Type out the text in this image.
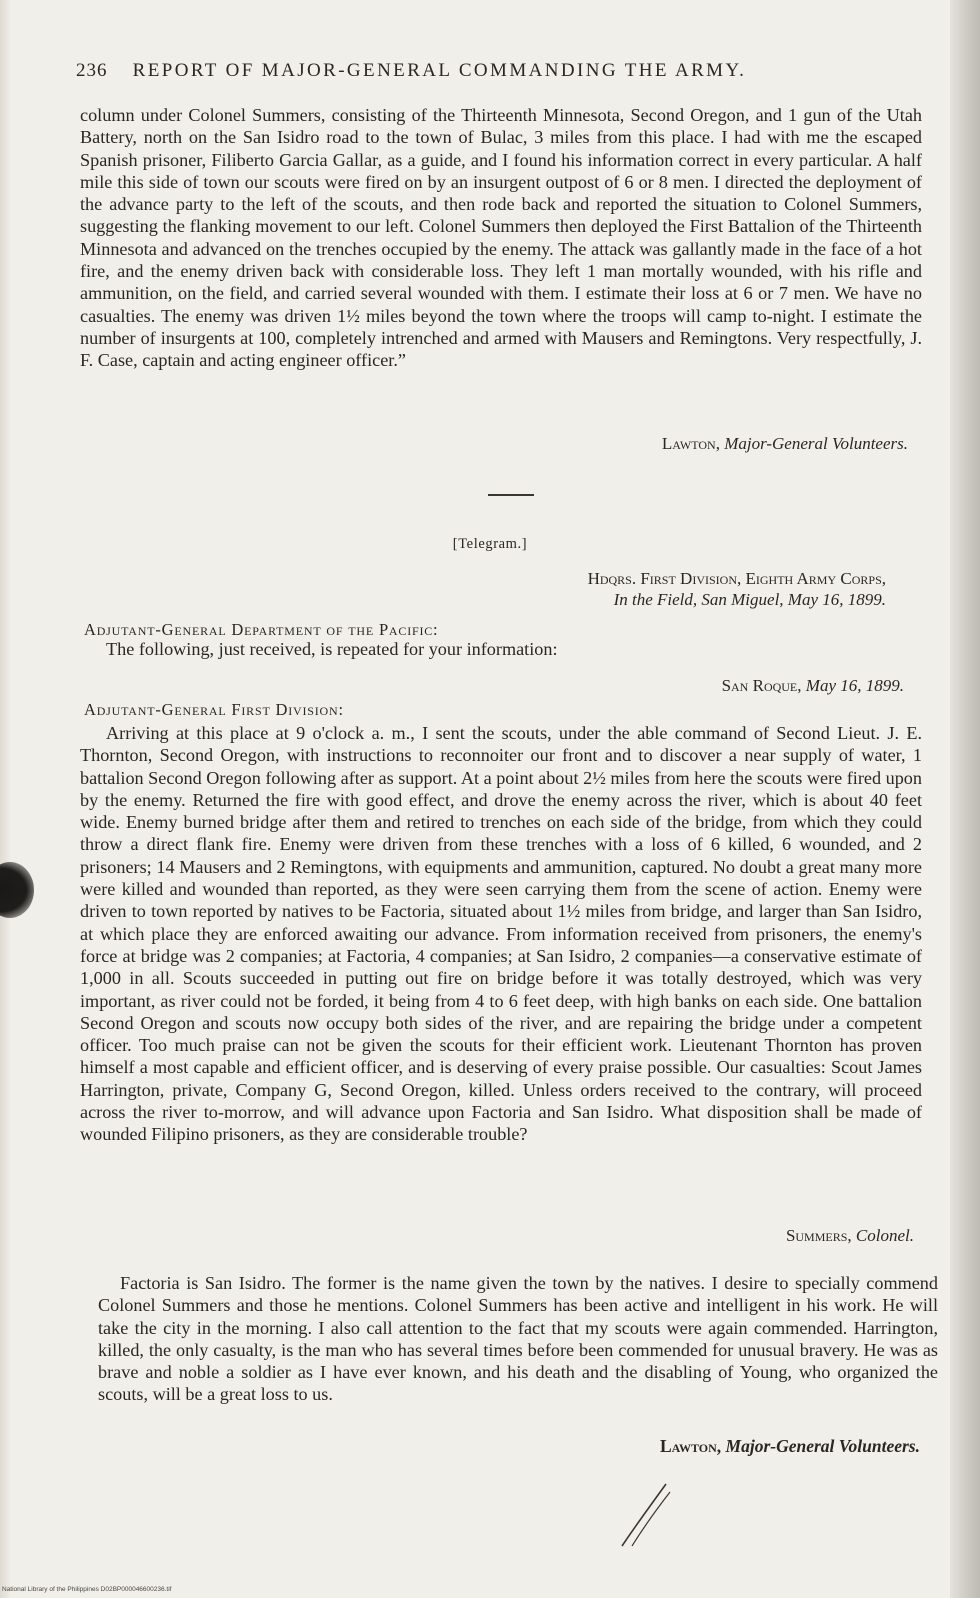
236 REPORT OF MAJOR-GENERAL COMMANDING THE ARMY.
column under Colonel Summers, consisting of the Thirteenth Minnesota, Second Oregon, and 1 gun of the Utah Battery, north on the San Isidro road to the town of Bulac, 3 miles from this place. I had with me the escaped Spanish prisoner, Filiberto Garcia Gallar, as a guide, and I found his information correct in every particular. A half mile this side of town our scouts were fired on by an insurgent outpost of 6 or 8 men. I directed the deployment of the advance party to the left of the scouts, and then rode back and reported the situation to Colonel Summers, suggesting the flanking movement to our left. Colonel Summers then deployed the First Battalion of the Thirteenth Minnesota and advanced on the trenches occupied by the enemy. The attack was gallantly made in the face of a hot fire, and the enemy driven back with considerable loss. They left 1 man mortally wounded, with his rifle and ammunition, on the field, and carried several wounded with them. I estimate their loss at 6 or 7 men. We have no casualties. The enemy was driven 1½ miles beyond the town where the troops will camp to-night. I estimate the number of insurgents at 100, completely intrenched and armed with Mausers and Remingtons. Very respectfully, J. F. Case, captain and acting engineer officer.”
Lawton, Major-General Volunteers.
[Telegram.]
Hdqrs. First Division, Eighth Army Corps,
In the Field, San Miguel, May 16, 1899.
Adjutant-General Department of the Pacific:
The following, just received, is repeated for your information:
San Roque, May 16, 1899.
Adjutant-General First Division:
Arriving at this place at 9 o'clock a. m., I sent the scouts, under the able command of Second Lieut. J. E. Thornton, Second Oregon, with instructions to reconnoiter our front and to discover a near supply of water, 1 battalion Second Oregon following after as support. At a point about 2½ miles from here the scouts were fired upon by the enemy. Returned the fire with good effect, and drove the enemy across the river, which is about 40 feet wide. Enemy burned bridge after them and retired to trenches on each side of the bridge, from which they could throw a direct flank fire. Enemy were driven from these trenches with a loss of 6 killed, 6 wounded, and 2 prisoners; 14 Mausers and 2 Remingtons, with equipments and ammunition, captured. No doubt a great many more were killed and wounded than reported, as they were seen carrying them from the scene of action. Enemy were driven to town reported by natives to be Factoria, situated about 1½ miles from bridge, and larger than San Isidro, at which place they are enforced awaiting our advance. From information received from prisoners, the enemy's force at bridge was 2 companies; at Factoria, 4 companies; at San Isidro, 2 companies—a conservative estimate of 1,000 in all. Scouts succeeded in putting out fire on bridge before it was totally destroyed, which was very important, as river could not be forded, it being from 4 to 6 feet deep, with high banks on each side. One battalion Second Oregon and scouts now occupy both sides of the river, and are repairing the bridge under a competent officer. Too much praise can not be given the scouts for their efficient work. Lieutenant Thornton has proven himself a most capable and efficient officer, and is deserving of every praise possible. Our casualties: Scout James Harrington, private, Company G, Second Oregon, killed. Unless orders received to the contrary, will proceed across the river to-morrow, and will advance upon Factoria and San Isidro. What disposition shall be made of wounded Filipino prisoners, as they are considerable trouble?
Summers, Colonel.
Factoria is San Isidro. The former is the name given the town by the natives. I desire to specially commend Colonel Summers and those he mentions. Colonel Summers has been active and intelligent in his work. He will take the city in the morning. I also call attention to the fact that my scouts were again commended. Harrington, killed, the only casualty, is the man who has several times before been commended for unusual bravery. He was as brave and noble a soldier as I have ever known, and his death and the disabling of Young, who organized the scouts, will be a great loss to us.
Lawton, Major-General Volunteers.
National Library of the Philippines D02BP000046600236.tif
